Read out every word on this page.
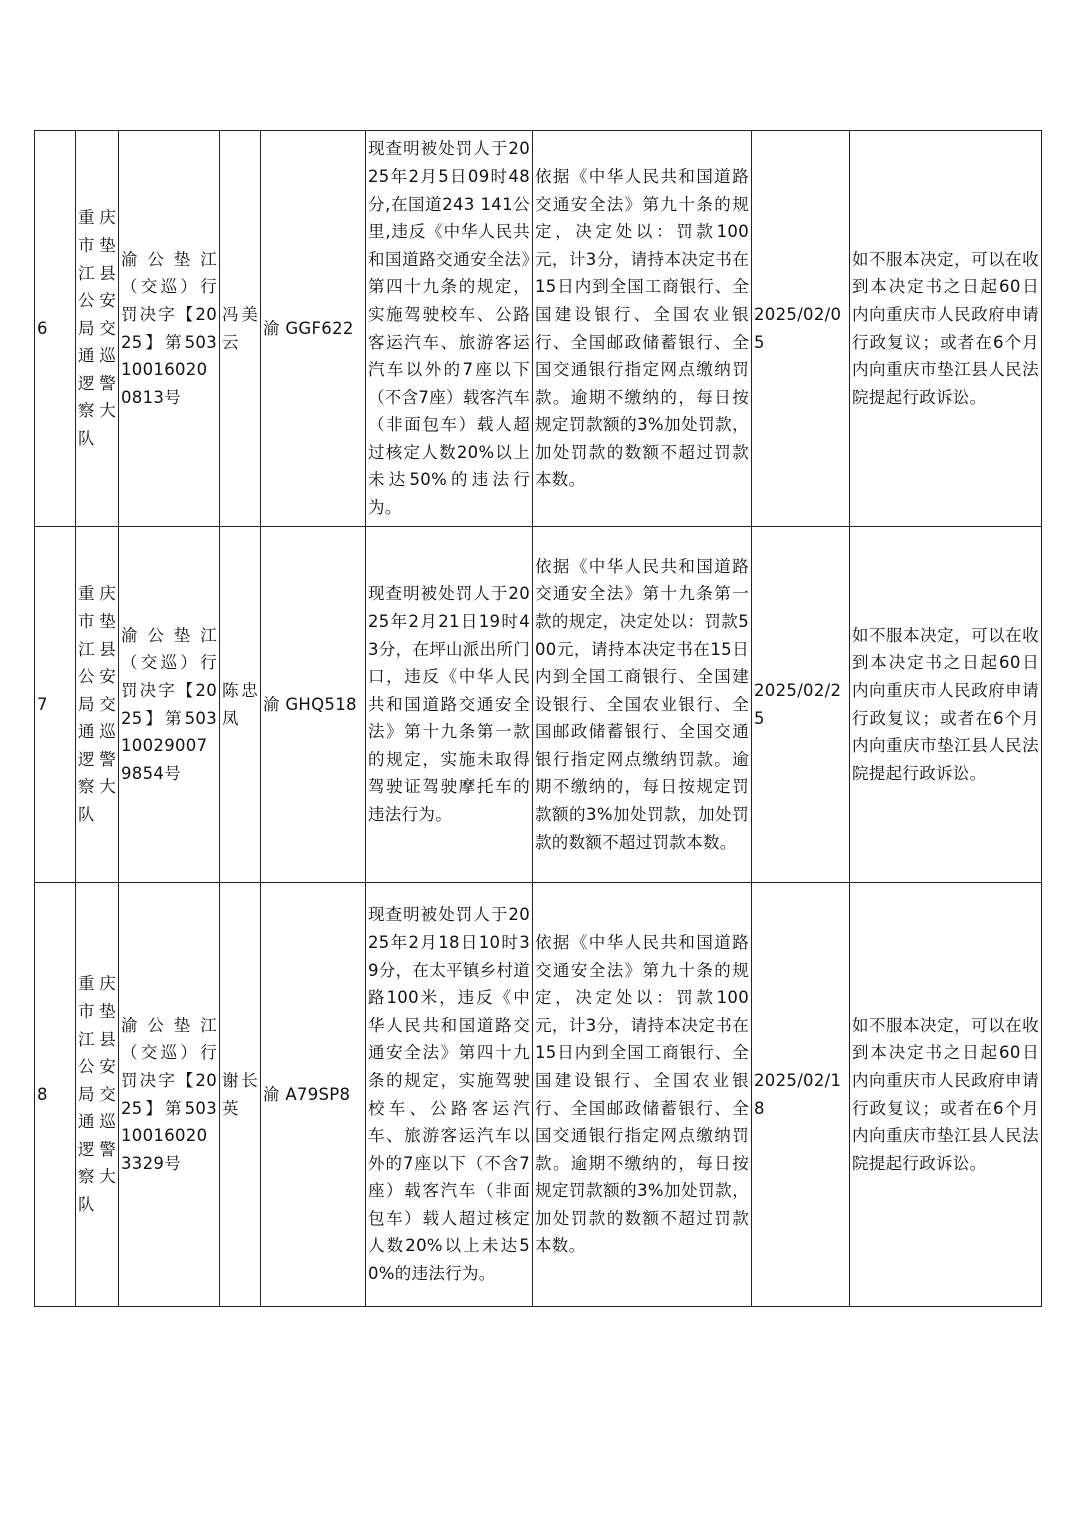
6	重庆市垫江县公安局交通巡逻警察大队	渝公垫江（交巡）行罚决字【2025】第503100160200813号	冯美云	渝 GGF622	现查明被处罚人于2025年2月5日09时48分,在国道243 141公里,违反《中华人民共和国道路交通安全法》第四十九条的规定，实施驾驶校车、公路客运汽车、旅游客运汽车以外的7座以下（不含7座）载客汽车（非面包车）载人超过核定人数20%以上未达50%的违法行为。	依据《中华人民共和国道路交通安全法》第九十条的规定，决定处以：罚款100元，计3分，请持本决定书在15日内到全国工商银行、全国建设银行、全国农业银行、全国邮政储蓄银行、全国交通银行指定网点缴纳罚款。逾期不缴纳的，每日按规定罚款额的3%加处罚款，加处罚款的数额不超过罚款本数。	2025/02/05	如不服本决定，可以在收到本决定书之日起60日内向重庆市人民政府申请行政复议；或者在6个月内向重庆市垫江县人民法院提起行政诉讼。
7	重庆市垫江县公安局交通巡逻警察大队	渝公垫江（交巡）行罚决字【2025】第503100290079854号	陈忠凤	渝 GHQ518	现查明被处罚人于2025年2月21日19时43分，在坪山派出所门口，违反《中华人民共和国道路交通安全法》第十九条第一款的规定，实施未取得驾驶证驾驶摩托车的违法行为。	依据《中华人民共和国道路交通安全法》第十九条第一款的规定，决定处以：罚款500元，请持本决定书在15日内到全国工商银行、全国建设银行、全国农业银行、全国邮政储蓄银行、全国交通银行指定网点缴纳罚款。逾期不缴纳的，每日按规定罚款额的3%加处罚款，加处罚款的数额不超过罚款本数。	2025/02/25	如不服本决定，可以在收到本决定书之日起60日内向重庆市人民政府申请行政复议；或者在6个月内向重庆市垫江县人民法院提起行政诉讼。
8	重庆市垫江县公安局交通巡逻警察大队	渝公垫江（交巡）行罚决字【2025】第503100160203329号	谢长英	渝 A79SP8	现查明被处罚人于2025年2月18日10时39分，在太平镇乡村道路100米，违反《中华人民共和国道路交通安全法》第四十九条的规定，实施驾驶校车、公路客运汽车、旅游客运汽车以外的7座以下（不含7座）载客汽车（非面包车）载人超过核定人数20%以上未达50%的违法行为。	依据《中华人民共和国道路交通安全法》第九十条的规定，决定处以：罚款100元，计3分，请持本决定书在15日内到全国工商银行、全国建设银行、全国农业银行、全国邮政储蓄银行、全国交通银行指定网点缴纳罚款。逾期不缴纳的，每日按规定罚款额的3%加处罚款，加处罚款的数额不超过罚款本数。	2025/02/18	如不服本决定，可以在收到本决定书之日起60日内向重庆市人民政府申请行政复议；或者在6个月内向重庆市垫江县人民法院提起行政诉讼。
